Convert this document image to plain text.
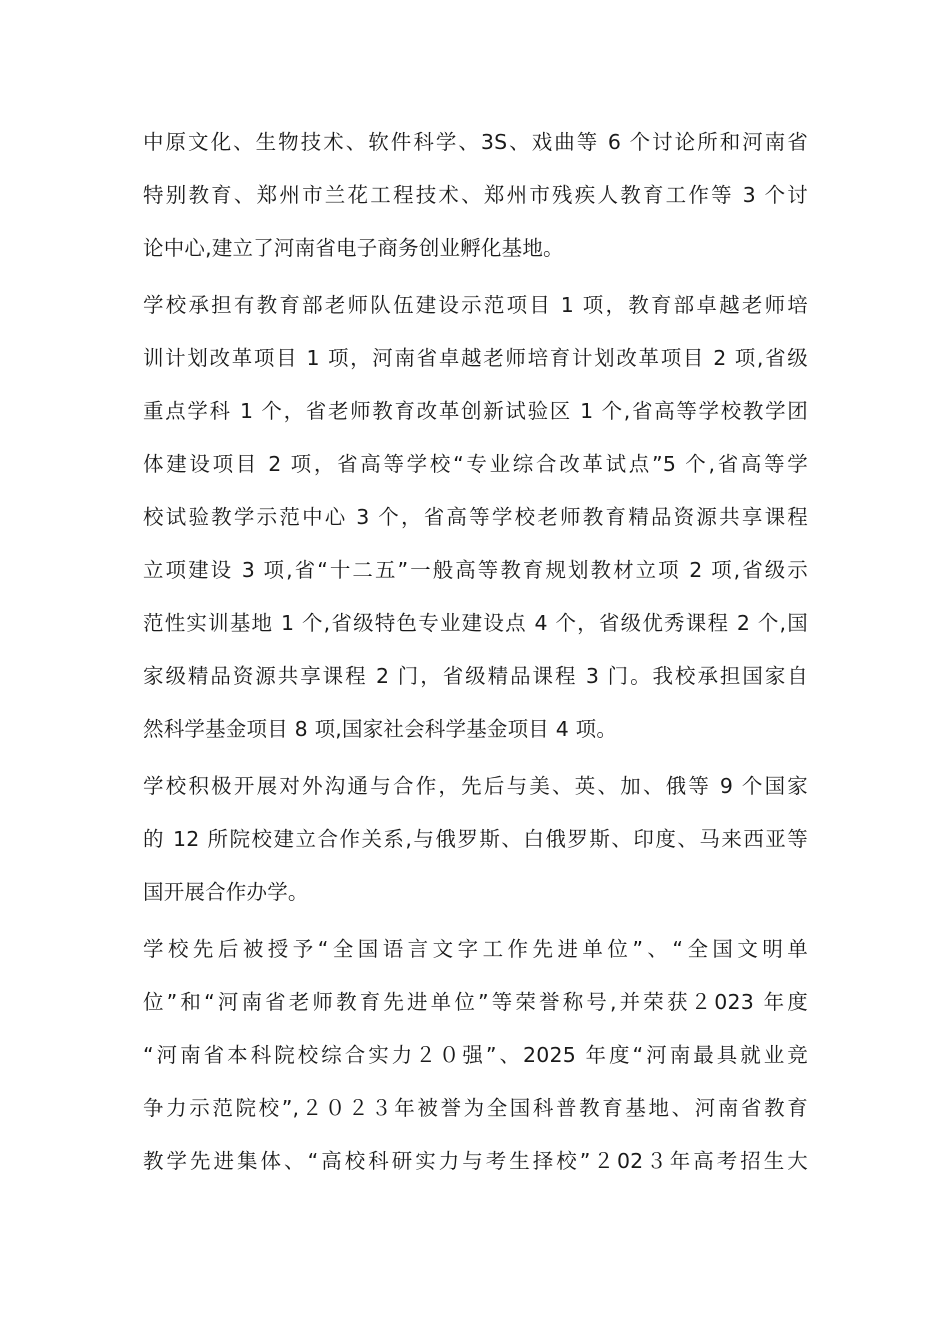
中原文化、生物技术、软件科学、3S、戏曲等 6 个讨论所和河南省
特别教育、郑州市兰花工程技术、郑州市残疾人教育工作等 3 个讨
论中心,建立了河南省电子商务创业孵化基地。
学校承担有教育部老师队伍建设示范项目 1 项，教育部卓越老师培
训计划改革项目 1 项，河南省卓越老师培育计划改革项目 2 项,省级
重点学科 1 个，省老师教育改革创新试验区 1 个,省高等学校教学团
体建设项目 2 项，省高等学校“专业综合改革试点”5 个,省高等学
校试验教学示范中心 3 个，省高等学校老师教育精品资源共享课程
立项建设 3 项,省“十二五”一般高等教育规划教材立项 2 项,省级示
范性实训基地 1 个,省级特色专业建设点 4 个，省级优秀课程 2 个,国
家级精品资源共享课程 2 门，省级精品课程 3 门。我校承担国家自
然科学基金项目 8 项,国家社会科学基金项目 4 项。
学校积极开展对外沟通与合作，先后与美、英、加、俄等 9 个国家
的 12 所院校建立合作关系,与俄罗斯、白俄罗斯、印度、马来西亚等
国开展合作办学。
学校先后被授予“全国语言文字工作先进单位”、“全国文明单
位”和“河南省老师教育先进单位”等荣誉称号,并荣获２023 年度
“河南省本科院校综合实力２０强”、2025 年度“河南最具就业竞
争力示范院校”,２０２３年被誉为全国科普教育基地、河南省教育
教学先进集体、“高校科研实力与考生择校”２02３年高考招生大
